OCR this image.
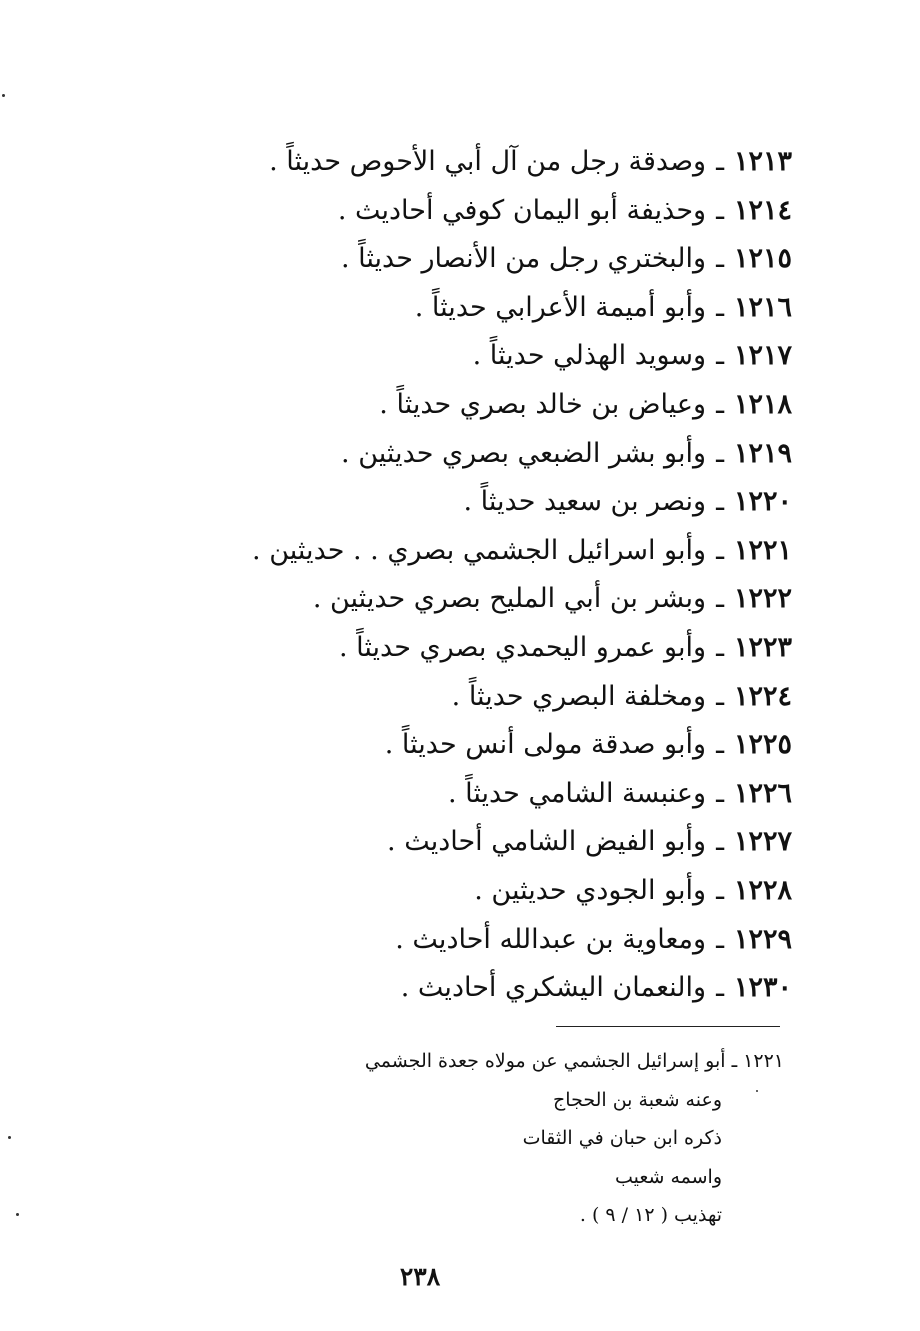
١٢١٣ـوصدقة رجل من آل أبي الأحوص حديثاً .
١٢١٤ـوحذيفة أبو اليمان كوفي أحاديث .
١٢١٥ـوالبختري رجل من الأنصار حديثاً .
١٢١٦ـوأبو أميمة الأعرابي حديثاً .
١٢١٧ـوسويد الهذلي حديثاً .
١٢١٨ـوعياض بن خالد بصري حديثاً .
١٢١٩ـوأبو بشر الضبعي بصري حديثين .
١٢٢٠ـونصر بن سعيد حديثاً .
١٢٢١ـوأبو اسرائيل الجشمي بصري . . حديثين .
١٢٢٢ـوبشر بن أبي المليح بصري حديثين .
١٢٢٣ـوأبو عمرو اليحمدي بصري حديثاً .
١٢٢٤ـومخلفة البصري حديثاً .
١٢٢٥ـوأبو صدقة مولى أنس حديثاً .
١٢٢٦ـوعنبسة الشامي حديثاً .
١٢٢٧ـوأبو الفيض الشامي أحاديث .
١٢٢٨ـوأبو الجودي حديثين .
١٢٢٩ـومعاوية بن عبدالله أحاديث .
١٢٣٠ـوالنعمان اليشكري أحاديث .
١٢٢١ ـ أبو إسرائيل الجشمي عن مولاه جعدة الجشمي
وعنه شعبة بن الحجاج
ذكره ابن حبان في الثقات
واسمه شعيب
تهذيب ( ١٢ / ٩ ) .
٢٣٨
